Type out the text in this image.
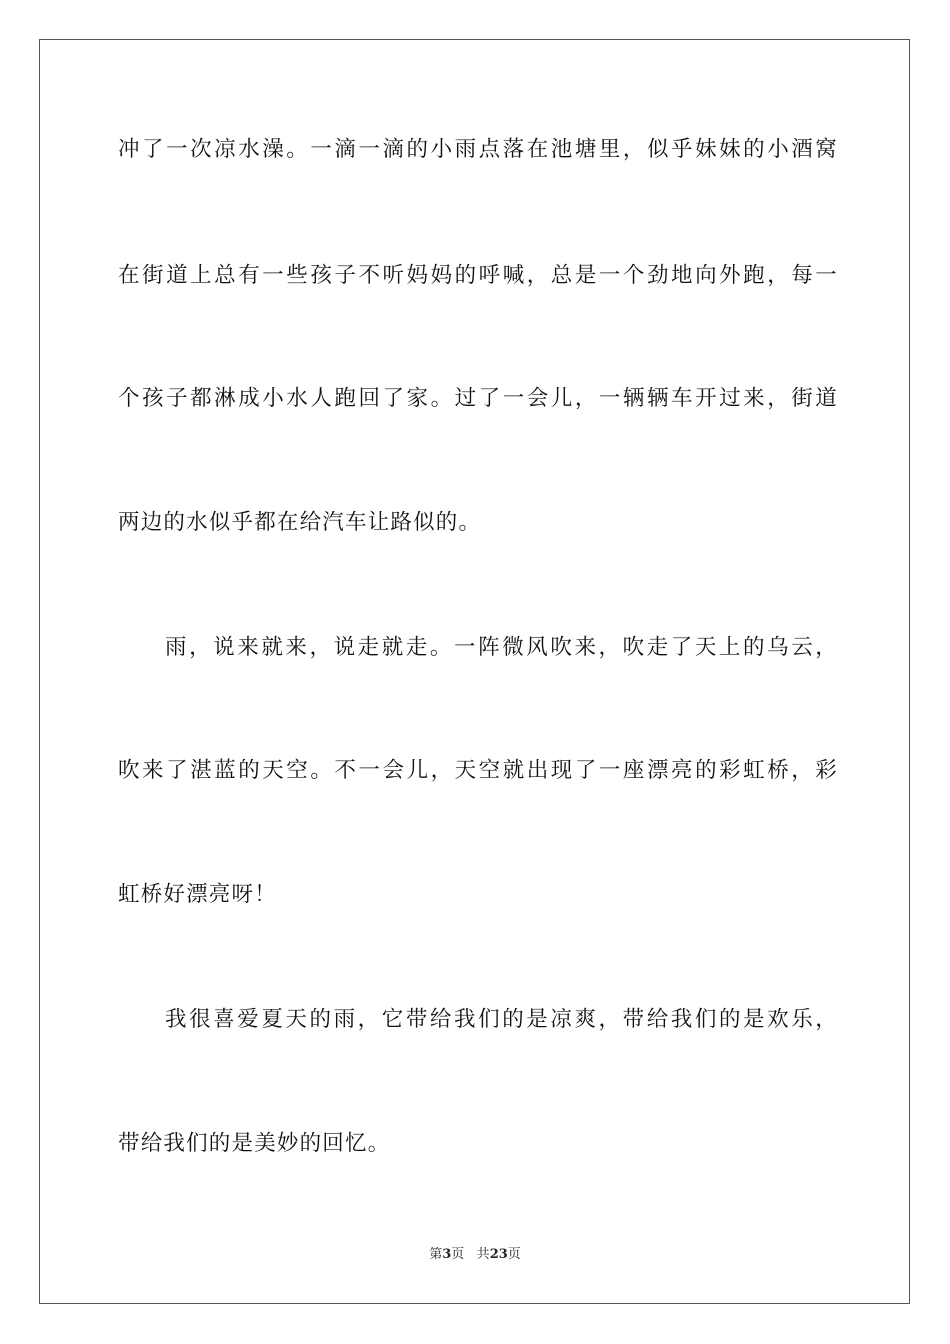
冲了一次凉水澡。一滴一滴的小雨点落在池塘里，似乎妹妹的小酒窝
在街道上总有一些孩子不听妈妈的呼喊，总是一个劲地向外跑，每一
个孩子都淋成小水人跑回了家。过了一会儿，一辆辆车开过来，街道
两边的水似乎都在给汽车让路似的。
雨，说来就来，说走就走。一阵微风吹来，吹走了天上的乌云，
吹来了湛蓝的天空。不一会儿，天空就出现了一座漂亮的彩虹桥，彩
虹桥好漂亮呀！
我很喜爱夏天的雨，它带给我们的是凉爽，带给我们的是欢乐，
带给我们的是美妙的回忆。
第3页 共23页
